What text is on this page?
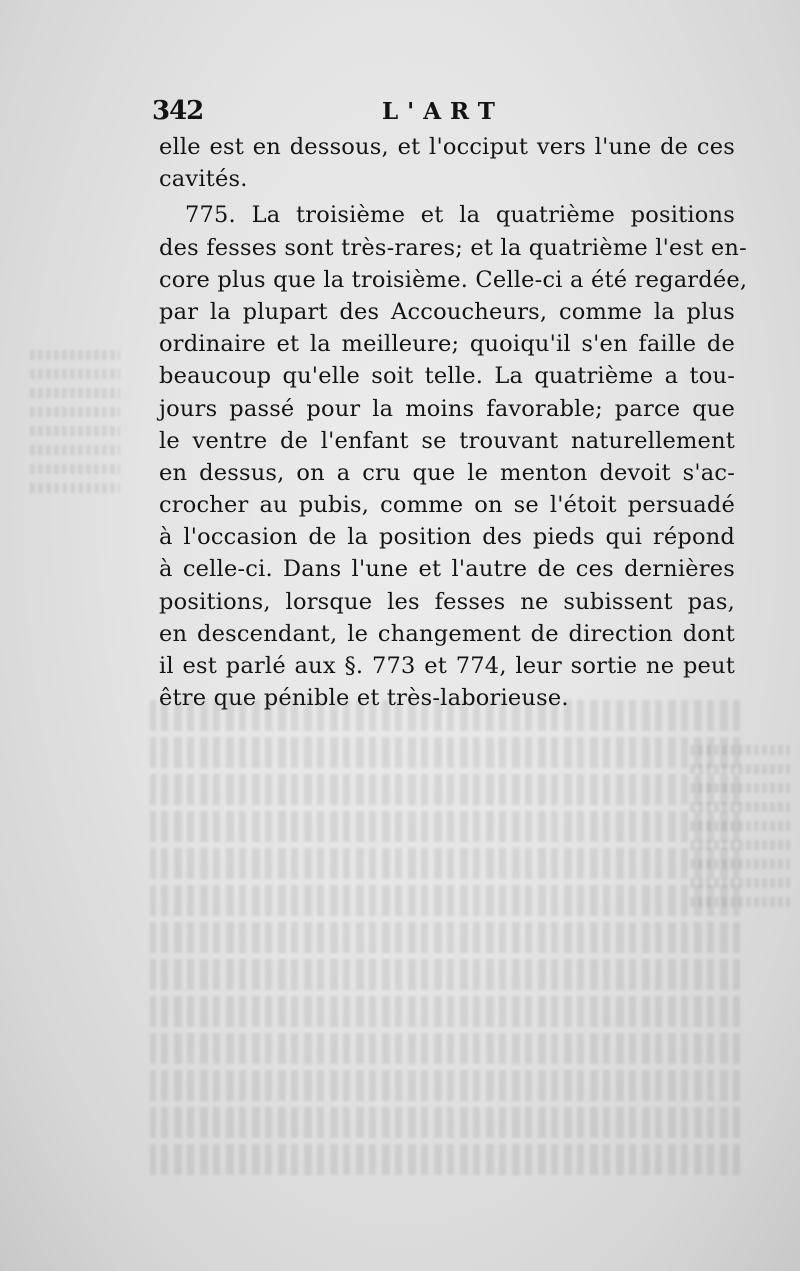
342	L'ART
elle est en dessous, et l'occiput vers l'une de ces
cavités.
775. La troisième et la quatrième positions
des fesses sont très-rares; et la quatrième l'est en-
core plus que la troisième. Celle-ci a été regardée,
par la plupart des Accoucheurs, comme la plus
ordinaire et la meilleure; quoiqu'il s'en faille de
beaucoup qu'elle soit telle. La quatrième a tou-
jours passé pour la moins favorable; parce que
le ventre de l'enfant se trouvant naturellement
en dessus, on a cru que le menton devoit s'ac-
crocher au pubis, comme on se l'étoit persuadé
à l'occasion de la position des pieds qui répond
à celle-ci. Dans l'une et l'autre de ces dernières
positions, lorsque les fesses ne subissent pas,
en descendant, le changement de direction dont
il est parlé aux §. 773 et 774, leur sortie ne peut
être que pénible et très-laborieuse.
